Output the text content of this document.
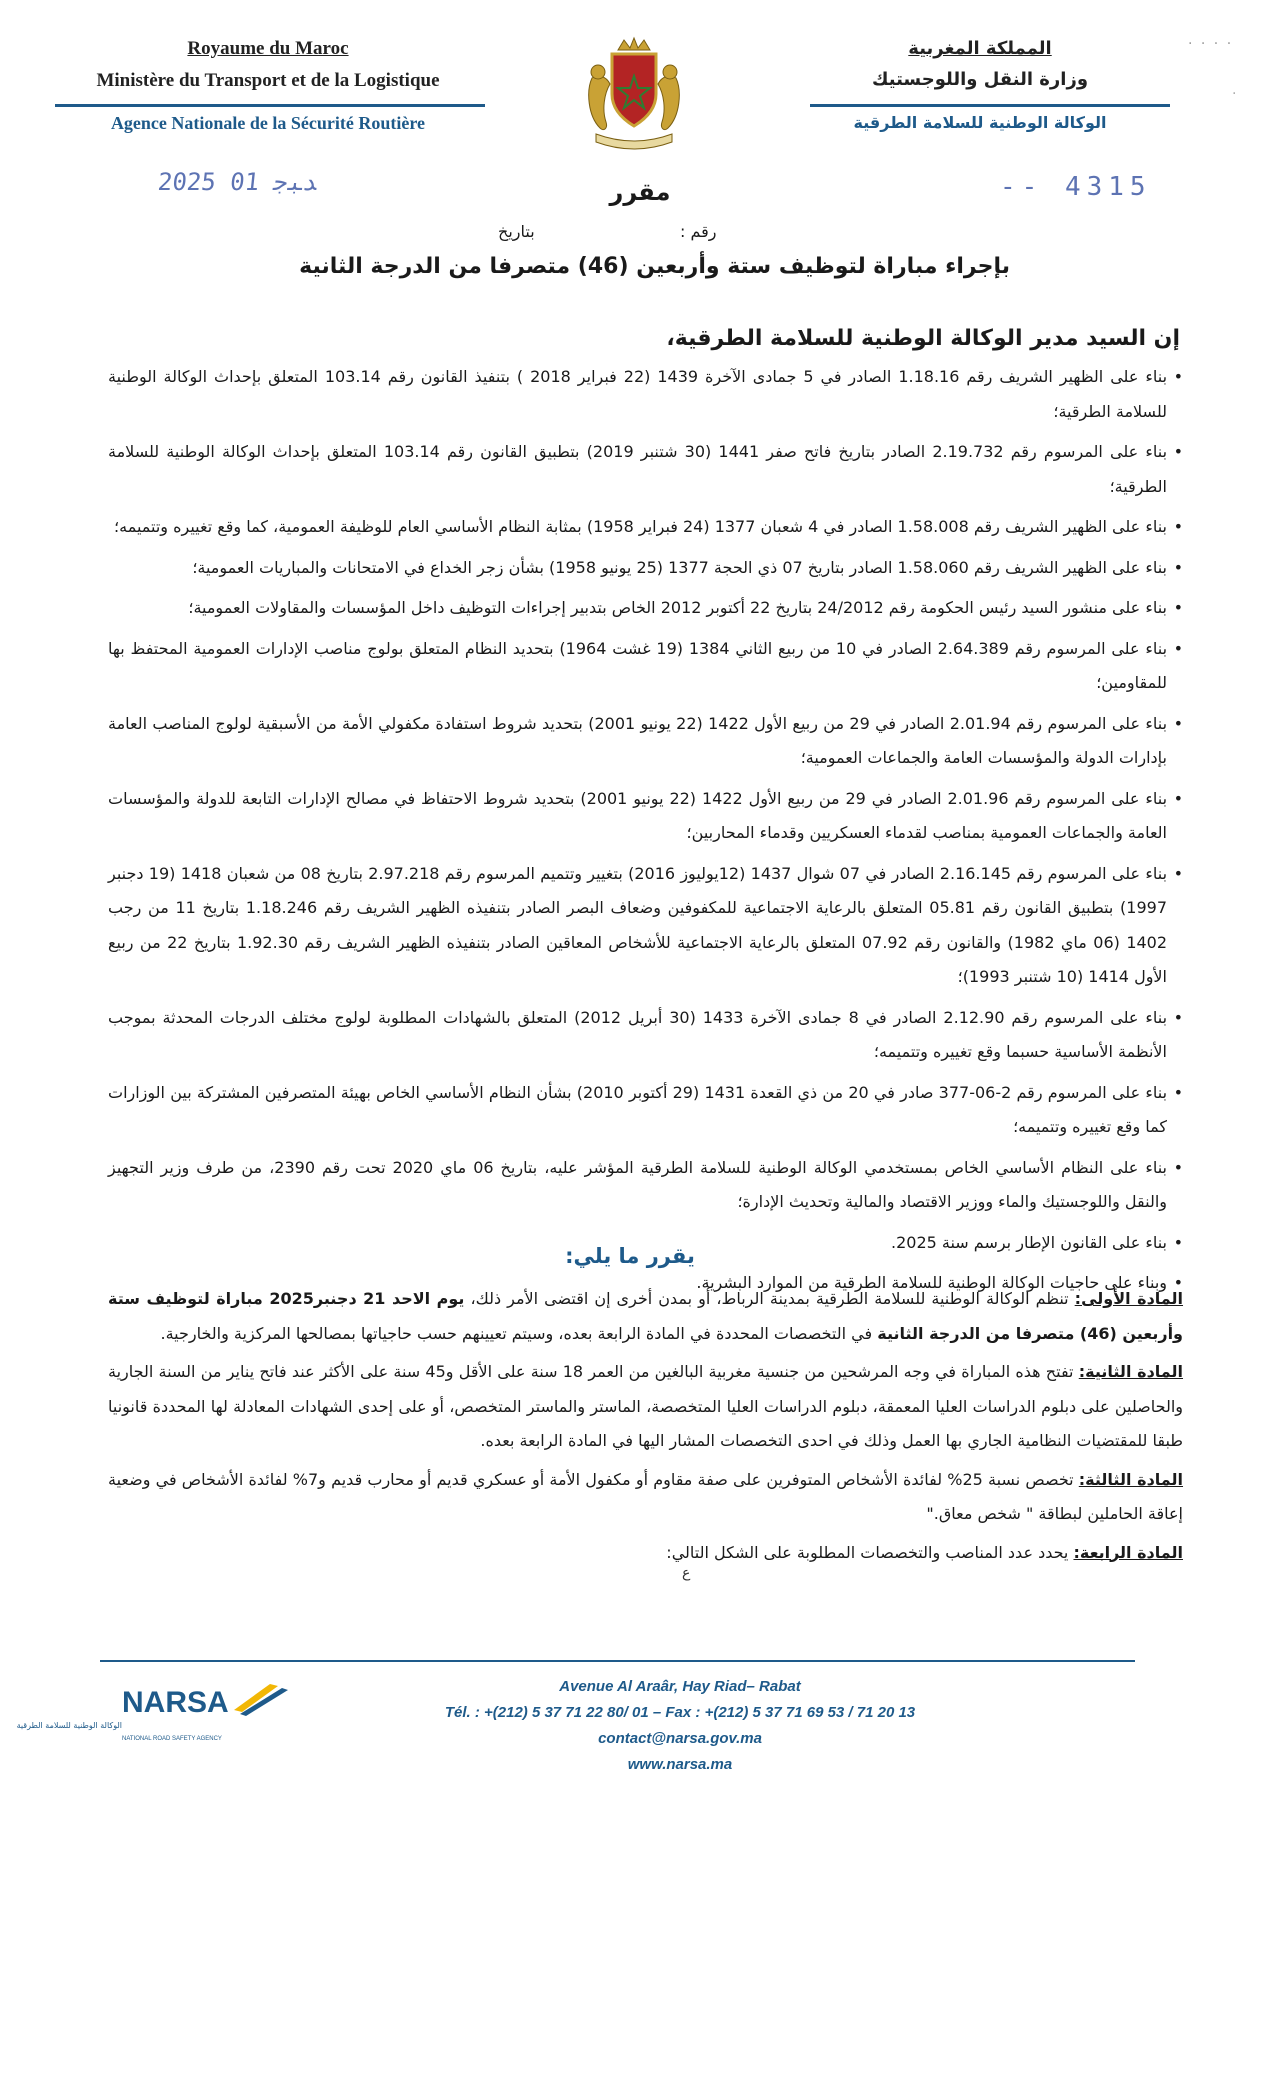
Royaume du Maroc
Ministère du Transport et de la Logistique
المملكة المغربية
وزارة النقل واللوجستيك
· · · ·
·
Agence Nationale de la Sécurité Routière	الوكالة الوطنية للسلامة الطرقية
2025 ﺪﺒﺟ 01	-- 4315
مقرر
رقم :
بتاريخ
بإجراء مباراة لتوظيف ستة وأربعين (46) متصرفا من الدرجة الثانية
إن السيد مدير الوكالة الوطنية للسلامة الطرقية،
• بناء على الظهير الشريف رقم 1.18.16 الصادر في 5 جمادى الآخرة 1439 (22 فبراير 2018 ) بتنفيذ القانون رقم 103.14 المتعلق بإحداث الوكالة الوطنية للسلامة الطرقية؛
• بناء على المرسوم رقم 2.19.732 الصادر بتاريخ فاتح صفر 1441 (30 شتنبر 2019) بتطبيق القانون رقم 103.14 المتعلق بإحداث الوكالة الوطنية للسلامة الطرقية؛
• بناء على الظهير الشريف رقم 1.58.008 الصادر في 4 شعبان 1377 (24 فبراير 1958) بمثابة النظام الأساسي العام للوظيفة العمومية، كما وقع تغييره وتتميمه؛
• بناء على الظهير الشريف رقم 1.58.060 الصادر بتاريخ 07 ذي الحجة 1377 (25 يونيو 1958) بشأن زجر الخداع في الامتحانات والمباريات العمومية؛
• بناء على منشور السيد رئيس الحكومة رقم 24/2012 بتاريخ 22 أكتوبر 2012 الخاص بتدبير إجراءات التوظيف داخل المؤسسات والمقاولات العمومية؛
• بناء على المرسوم رقم 2.64.389 الصادر في 10 من ربيع الثاني 1384 (19 غشت 1964) بتحديد النظام المتعلق بولوج مناصب الإدارات العمومية المحتفظ بها للمقاومين؛
• بناء على المرسوم رقم 2.01.94 الصادر في 29 من ربيع الأول 1422 (22 يونيو 2001) بتحديد شروط استفادة مكفولي الأمة من الأسبقية لولوج المناصب العامة بإدارات الدولة والمؤسسات العامة والجماعات العمومية؛
• بناء على المرسوم رقم 2.01.96 الصادر في 29 من ربيع الأول 1422 (22 يونيو 2001) بتحديد شروط الاحتفاظ في مصالح الإدارات التابعة للدولة والمؤسسات العامة والجماعات العمومية بمناصب لقدماء العسكريين وقدماء المحاربين؛
• بناء على المرسوم رقم 2.16.145 الصادر في 07 شوال 1437 (12يوليوز 2016) بتغيير وتتميم المرسوم رقم 2.97.218 بتاريخ 08 من شعبان 1418 (19 دجنبر 1997) بتطبيق القانون رقم 05.81 المتعلق بالرعاية الاجتماعية للمكفوفين وضعاف البصر الصادر بتنفيذه الظهير الشريف رقم 1.18.246 بتاريخ 11 من رجب 1402 (06 ماي 1982) والقانون رقم 07.92 المتعلق بالرعاية الاجتماعية للأشخاص المعاقين الصادر بتنفيذه الظهير الشريف رقم 1.92.30 بتاريخ 22 من ربيع الأول 1414 (10 شتنبر 1993)؛
• بناء على المرسوم رقم 2.12.90 الصادر في 8 جمادى الآخرة 1433 (30 أبريل 2012) المتعلق بالشهادات المطلوبة لولوج مختلف الدرجات المحدثة بموجب الأنظمة الأساسية حسبما وقع تغييره وتتميمه؛
• بناء على المرسوم رقم 2-06-377 صادر في 20 من ذي القعدة 1431 (29 أكتوبر 2010) بشأن النظام الأساسي الخاص بهيئة المتصرفين المشتركة بين الوزارات كما وقع تغييره وتتميمه؛
• بناء على النظام الأساسي الخاص بمستخدمي الوكالة الوطنية للسلامة الطرقية المؤشر عليه، بتاريخ 06 ماي 2020 تحت رقم 2390، من طرف وزير التجهيز والنقل واللوجستيك والماء ووزير الاقتصاد والمالية وتحديث الإدارة؛
• بناء على القانون الإطار برسم سنة 2025.
• وبناء على حاجيات الوكالة الوطنية للسلامة الطرقية من الموارد البشرية.
يقرر ما يلي:
المادة الأولى: تنظم الوكالة الوطنية للسلامة الطرقية بمدينة الرباط، أو بمدن أخرى إن اقتضى الأمر ذلك، يوم الاحد 21 دجنبر2025 مباراة لتوظيف ستة وأربعين (46) متصرفا من الدرجة الثانية في التخصصات المحددة في المادة الرابعة بعده، وسيتم تعيينهم حسب حاجياتها بمصالحها المركزية والخارجية.
المادة الثانية: تفتح هذه المباراة في وجه المرشحين من جنسية مغربية البالغين من العمر 18 سنة على الأقل و45 سنة على الأكثر عند فاتح يناير من السنة الجارية والحاصلين على دبلوم الدراسات العليا المعمقة، دبلوم الدراسات العليا المتخصصة، الماستر والماستر المتخصص، أو على إحدى الشهادات المعادلة لها المحددة قانونيا طبقا للمقتضيات النظامية الجاري بها العمل وذلك في احدى التخصصات المشار اليها في المادة الرابعة بعده.
المادة الثالثة: تخصص نسبة 25% لفائدة الأشخاص المتوفرين على صفة مقاوم أو مكفول الأمة أو عسكري قديم أو محارب قديم و7% لفائدة الأشخاص في وضعية إعاقة الحاملين لبطاقة " شخص معاق."
المادة الرابعة: يحدد عدد المناصب والتخصصات المطلوبة على الشكل التالي:
ع
NARSA
الوكالة الوطنية للسلامة الطرقية
NATIONAL ROAD SAFETY AGENCY
Avenue Al Araâr, Hay Riad– Rabat
Tél. : +(212) 5 37 71 22 80/ 01 – Fax : +(212) 5 37 71 69 53 / 71 20 13
contact@narsa.gov.ma
www.narsa.ma
